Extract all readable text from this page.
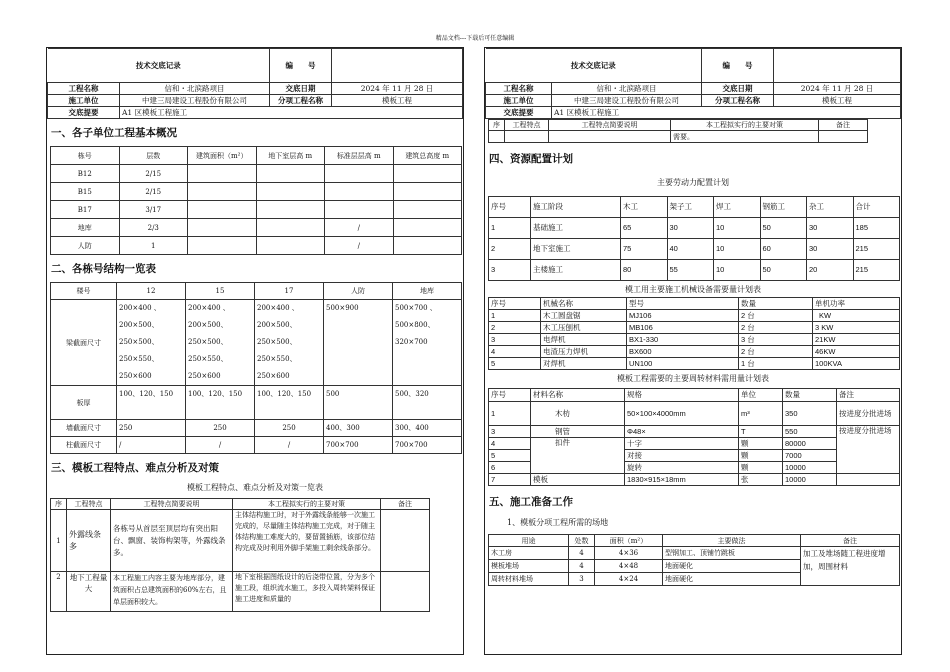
精品文档---下载后可任意编辑
技术交底记录		编　　号	
工程名称	信和・北滨路项目	交底日期	2024 年 11 月 28 日
施工单位	中建三局建设工程股份有限公司	分项工程名称	模板工程
交底提要	A1 区模板工程施工		
一、各子单位工程基本概况
栋号	层数	建筑面积（m²）	地下室层高 m	标准层层高 m	建筑总高度 m
B12	2/15				
B15	2/15				
B17	3/17				
地库	2/3			/	
人防	1			/	
二、各栋号结构一览表
楼号	12	15	17	人防	地库
梁截面尺寸	200×400 、200×500、250×500、250×550、250×600	200×400 、200×500、250×500、250×550、250×600	200×400 、200×500、250×500、250×550、250×600	500×900	500×700 、500×800、320×700
板厚	100、120、150	100、120、150	100、120、150	500	500、320
墙截面尺寸	250	250	250	400、300	300、400
柱截面尺寸	/	/	/	700×700	700×700
三、模板工程特点、难点分析及对策
模板工程特点、难点分析及对策一览表
序	工程特点	工程特点简要说明	本工程拟实行的主要对策	备注
1	外露线条多	各栋号从首层至顶层均有突出阳台、飘窗、装饰构架等，外露线条多。	主体结构施工时，对于外露线条能够一次施工完成的，尽量随主体结构施工完成，对于随主体结构施工难度大的，要留置插筋，该部位结构完成及时利用外脚手架施工剩余线条部分。	
2	地下工程量大	本工程施工内容主要为地库部分，建筑面积占总建筑面积的60%左右，且单层面积较大。	地下室根据图纸设计的后浇带位置，分为多个施工段，组织流水施工，多投入周转架料保证施工进度和质量的	
技术交底记录		编　　号	
工程名称	信和・北滨路项目	交底日期	2024 年 11 月 28 日
施工单位	中建三局建设工程股份有限公司	分项工程名称	模板工程
交底提要	A1 区模板工程施工		
序	工程特点	工程特点简要说明	本工程拟实行的主要对策	备注
			需要。	
四、资源配置计划
主要劳动力配置计划
序号	施工阶段	木工	架子工	焊工	钢筋工	杂工	合计
1	基础施工	65	30	10	50	30	185
2	地下室施工	75	40	10	60	30	215
3	主楼施工	80	55	10	50	20	215
模工用主要施工机械设备需要量计划表
序号	机械名称	型号	数量	单机功率
1	木工圆盘锯	MJ106	2 台	KW
2	木工压刨机	MB106	2 台	3 KW
3	电焊机	BX1-330	3 台	21KW
4	电渣压力焊机	BX600	2 台	46KW
5	对焊机	UN100	1 台	100KVA
模板工程需要的主要周转材料需用量计划表
序号	材料名称	规格	单位	数量	备注
1	木枋	50×100×4000mm	m³	350	按进度分批进场
3	钢管	Φ48×	T	550	按进度分批进场
4	扣件	十字	颗	80000	
5		对接	颗	7000	
6		旋转	颗	10000	
7	模板	1830×915×18mm	张	10000	
五、施工准备工作
1、模板分项工程所需的场地
用途	处数	面积（m²）	主要做法	备注
木工房	4	4×36	型钢加工、顶铺竹跳板	加工及堆场随工程进度增加，周围材料
模板堆场	4	4×48	地面硬化	
周转材料堆场	3	4×24	地面硬化	
